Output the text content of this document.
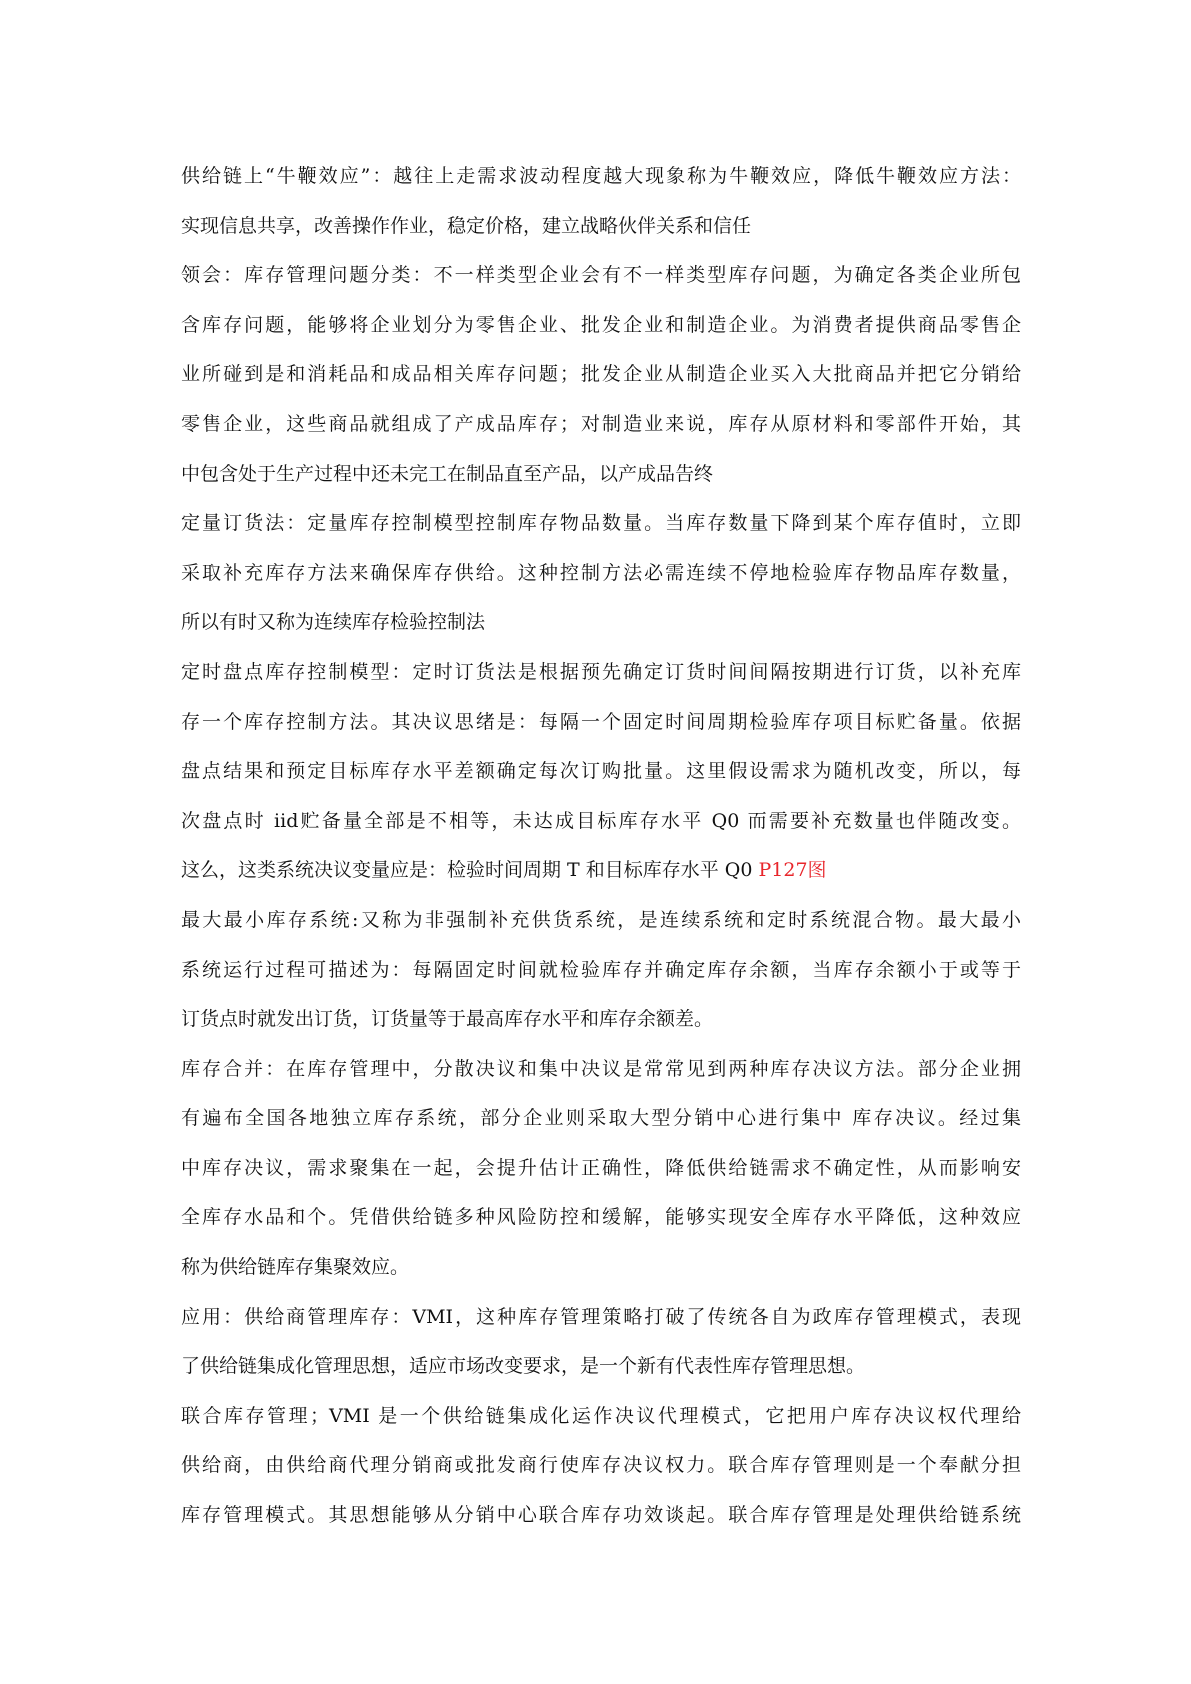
供给链上“牛鞭效应”：越往上走需求波动程度越大现象称为牛鞭效应，降低牛鞭效应方法：
实现信息共享，改善操作作业，稳定价格，建立战略伙伴关系和信任
领会：库存管理问题分类：不一样类型企业会有不一样类型库存问题，为确定各类企业所包
含库存问题，能够将企业划分为零售企业、批发企业和制造企业。为消费者提供商品零售企
业所碰到是和消耗品和成品相关库存问题；批发企业从制造企业买入大批商品并把它分销给
零售企业，这些商品就组成了产成品库存；对制造业来说，库存从原材料和零部件开始，其
中包含处于生产过程中还未完工在制品直至产品，以产成品告终
定量订货法：定量库存控制模型控制库存物品数量。当库存数量下降到某个库存值时，立即
采取补充库存方法来确保库存供给。这种控制方法必需连续不停地检验库存物品库存数量，
所以有时又称为连续库存检验控制法
定时盘点库存控制模型：定时订货法是根据预先确定订货时间间隔按期进行订货，以补充库
存一个库存控制方法。其决议思绪是：每隔一个固定时间周期检验库存项目标贮备量。依据
盘点结果和预定目标库存水平差额确定每次订购批量。这里假设需求为随机改变，所以，每
次盘点时 iid贮备量全部是不相等，未达成目标库存水平 Q0 而需要补充数量也伴随改变。
这么，这类系统决议变量应是：检验时间周期 T 和目标库存水平 Q0 P127图
最大最小库存系统:又称为非强制补充供货系统，是连续系统和定时系统混合物。最大最小
系统运行过程可描述为：每隔固定时间就检验库存并确定库存余额，当库存余额小于或等于
订货点时就发出订货，订货量等于最高库存水平和库存余额差。
库存合并：在库存管理中，分散决议和集中决议是常常见到两种库存决议方法。部分企业拥
有遍布全国各地独立库存系统，部分企业则采取大型分销中心进行集中 库存决议。经过集
中库存决议，需求聚集在一起，会提升估计正确性，降低供给链需求不确定性，从而影响安
全库存水品和个。凭借供给链多种风险防控和缓解，能够实现安全库存水平降低，这种效应
称为供给链库存集聚效应。
应用：供给商管理库存：VMI，这种库存管理策略打破了传统各自为政库存管理模式，表现
了供给链集成化管理思想，适应市场改变要求，是一个新有代表性库存管理思想。
联合库存管理；VMI 是一个供给链集成化运作决议代理模式，它把用户库存决议权代理给
供给商，由供给商代理分销商或批发商行使库存决议权力。联合库存管理则是一个奉献分担
库存管理模式。其思想能够从分销中心联合库存功效谈起。联合库存管理是处理供给链系统
